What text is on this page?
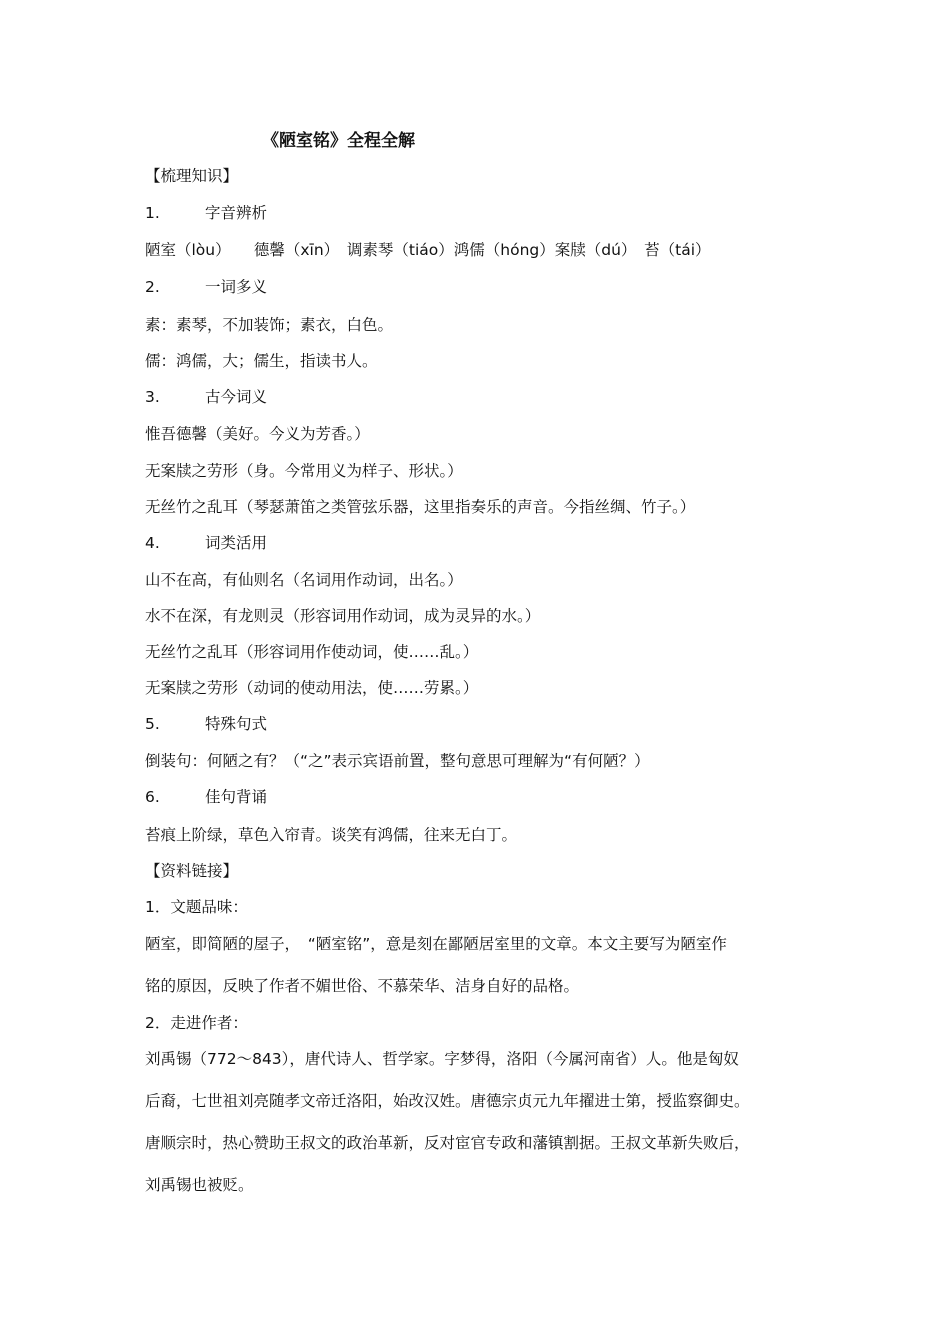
《陋室铭》全程全解
【梳理知识】
1.	字音辨析
陋室（lòu）　　德馨（xīn）　调素琴（tiáo）鸿儒（hóng）案牍（dú）　苔（tái）
2.	一词多义
素：素琴，不加装饰；素衣，白色。
儒：鸿儒，大；儒生，指读书人。
3.	古今词义
惟吾德馨（美好。今义为芳香。）
无案牍之劳形（身。今常用义为样子、形状。）
无丝竹之乱耳（琴瑟萧笛之类管弦乐器，这里指奏乐的声音。今指丝绸、竹子。）
4.	词类活用
山不在高，有仙则名（名词用作动词，出名。）
水不在深，有龙则灵（形容词用作动词，成为灵异的水。）
无丝竹之乱耳（形容词用作使动词，使……乱。）
无案牍之劳形（动词的使动用法，使……劳累。）
5.	特殊句式
倒装句：何陋之有？（“之”表示宾语前置，整句意思可理解为“有何陋？）
6.	佳句背诵
苔痕上阶绿，草色入帘青。谈笑有鸿儒，往来无白丁。
【资料链接】
1．文题品味：
陋室，即简陋的屋子，　“陋室铭”，意是刻在鄙陋居室里的文章。本文主要写为陋室作
铭的原因，反映了作者不媚世俗、不慕荣华、洁身自好的品格。
2．走进作者：
刘禹锡（772～843），唐代诗人、哲学家。字梦得，洛阳（今属河南省）人。他是匈奴
后裔，七世祖刘亮随孝文帝迁洛阳，始改汉姓。唐德宗贞元九年擢进士第，授监察御史。
唐顺宗时，热心赞助王叔文的政治革新，反对宦官专政和藩镇割据。王叔文革新失败后，
刘禹锡也被贬。
